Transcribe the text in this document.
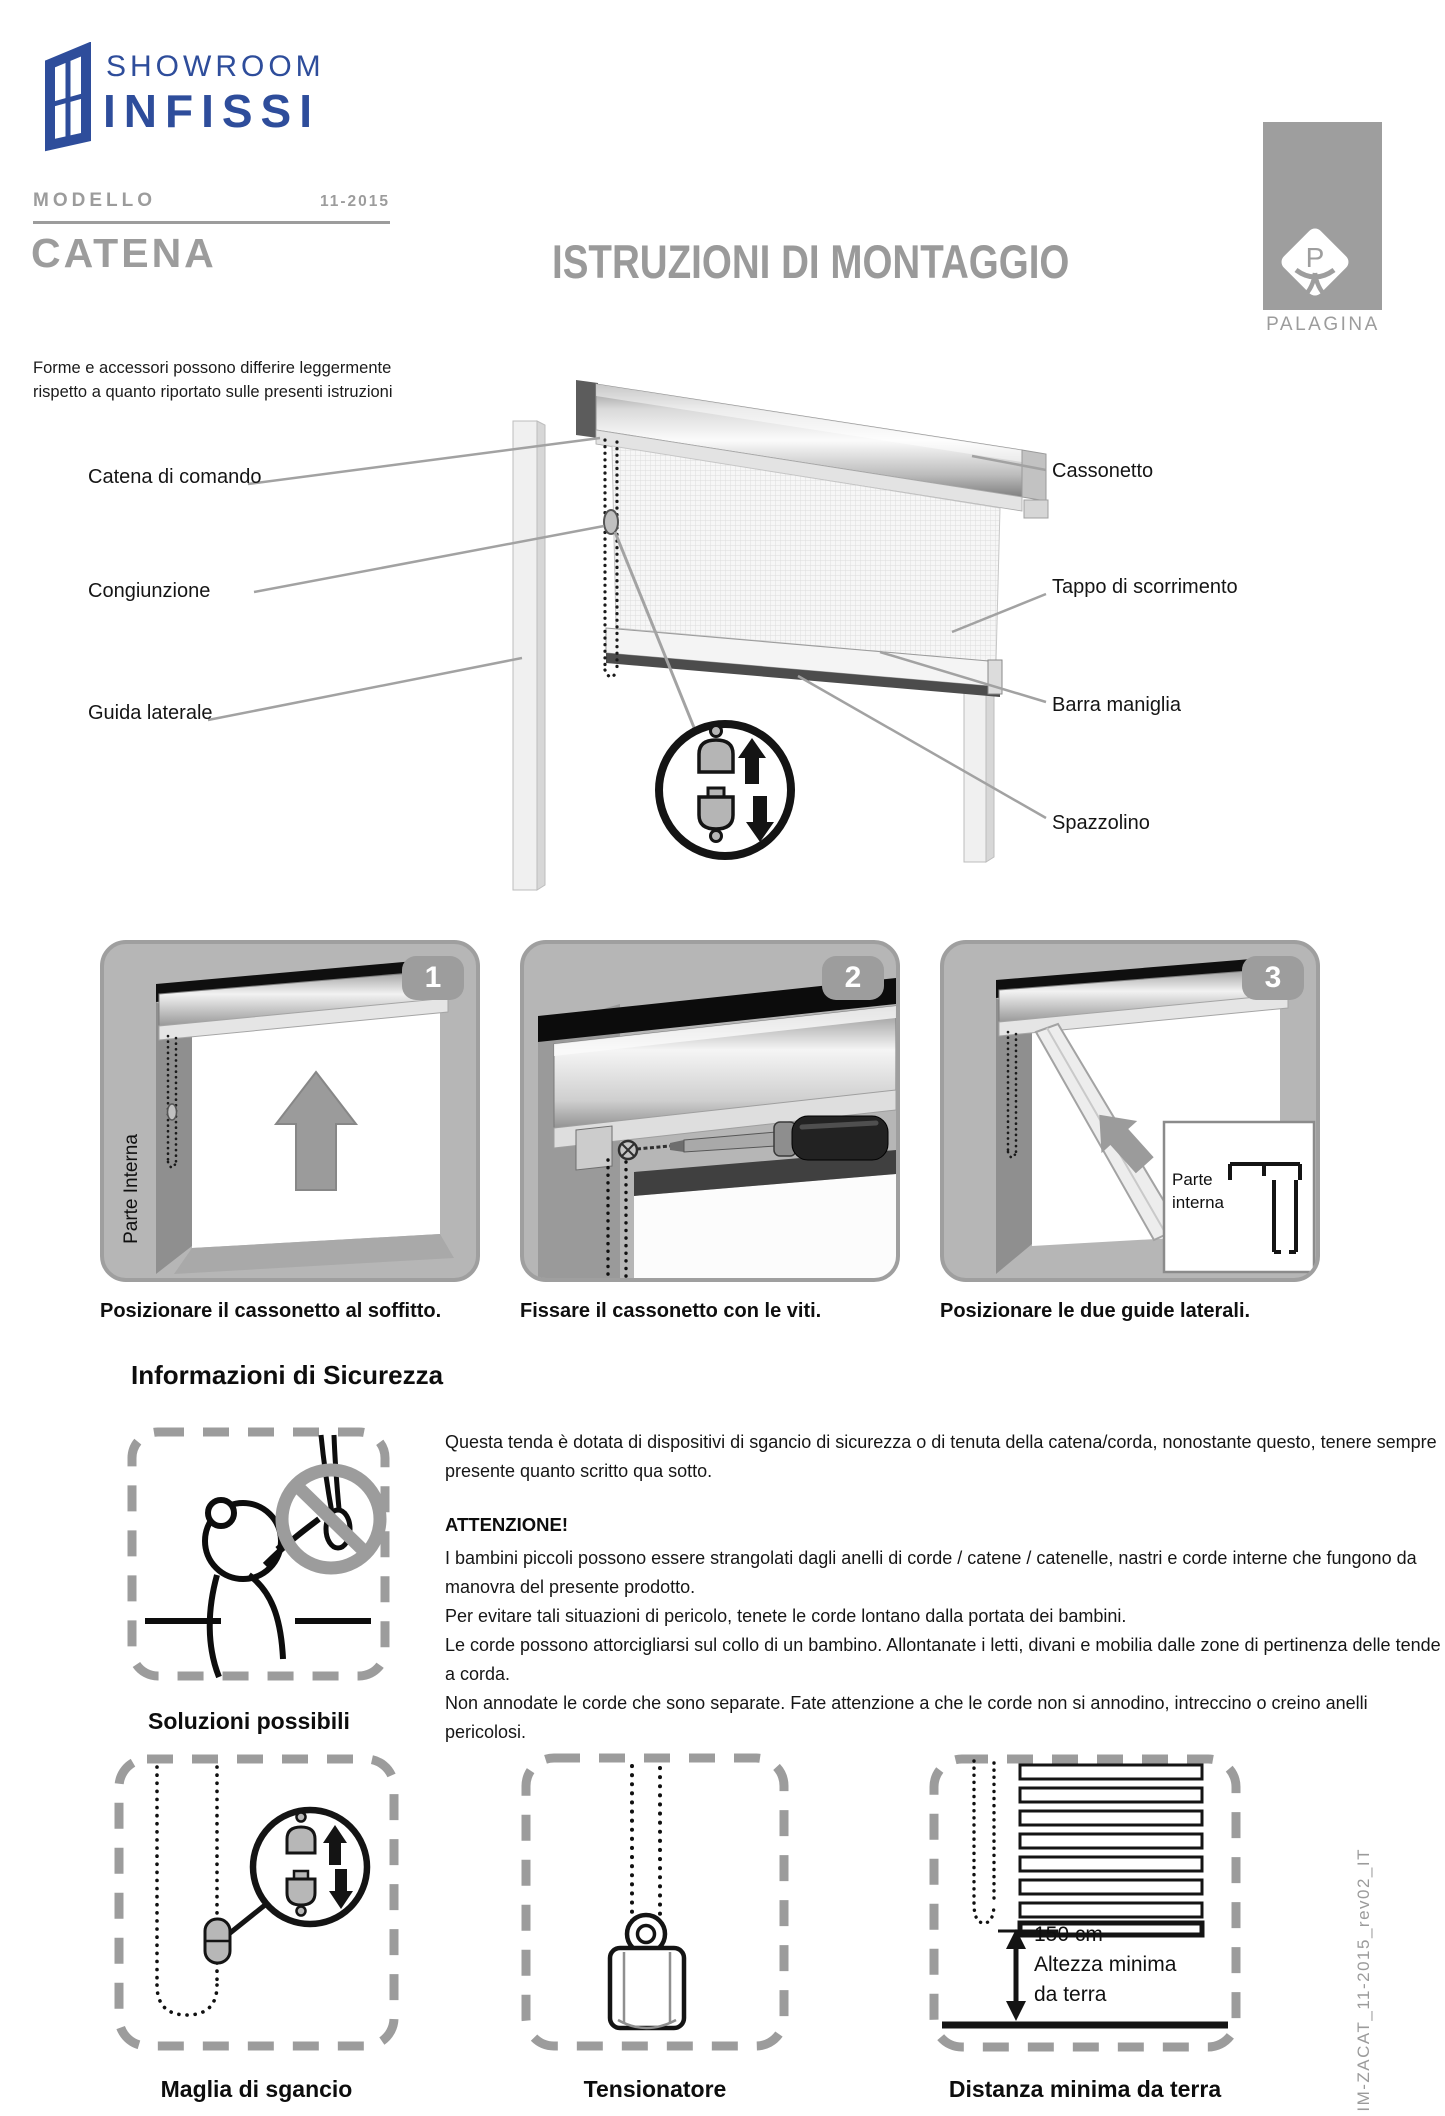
SHOWROOM
INFISSI
MODELLO	11-2015
CATENA	ISTRUZIONI DI MONTAGGIO	P
PALAGINA
Forme e accessori possono differire leggermente rispetto a quanto riportato sulle presenti istruzioni
Catena di comando
Congiunzione
Guida laterale
Cassonetto
Tappo di scorrimento
Barra maniglia
Spazzolino
Parte Interna
1
Posizionare il cassonetto al soffitto.
2
Fissare il cassonetto con le viti.
Parte interna
3
Posizionare le due guide laterali.
Informazioni di Sicurezza
Questa tenda è dotata di dispositivi di sgancio di sicurezza o di tenuta della catena/corda, nonostante questo, tenere sempre presente quanto scritto qua sotto.
ATTENZIONE!

I bambini piccoli possono essere strangolati dagli anelli di corde / catene / catenelle, nastri e corde interne che fungono da manovra del presente prodotto.

Per evitare tali situazioni di pericolo, tenete le corde lontano dalla portata dei bambini.

Le corde possono attorcigliarsi sul collo di un bambino. Allontanate i letti, divani e mobilia dalle zone di pertinenza delle tende a corda.

Non annodate le corde che sono separate. Fate attenzione a che le corde non si annodino, intreccino o creino anelli pericolosi.

Soluzioni possibili
Maglia di sgancio	Tensionatore
150 cm
Altezza minima
da terra
Distanza minima da terra	IM-ZACAT_11-2015_rev02_IT
